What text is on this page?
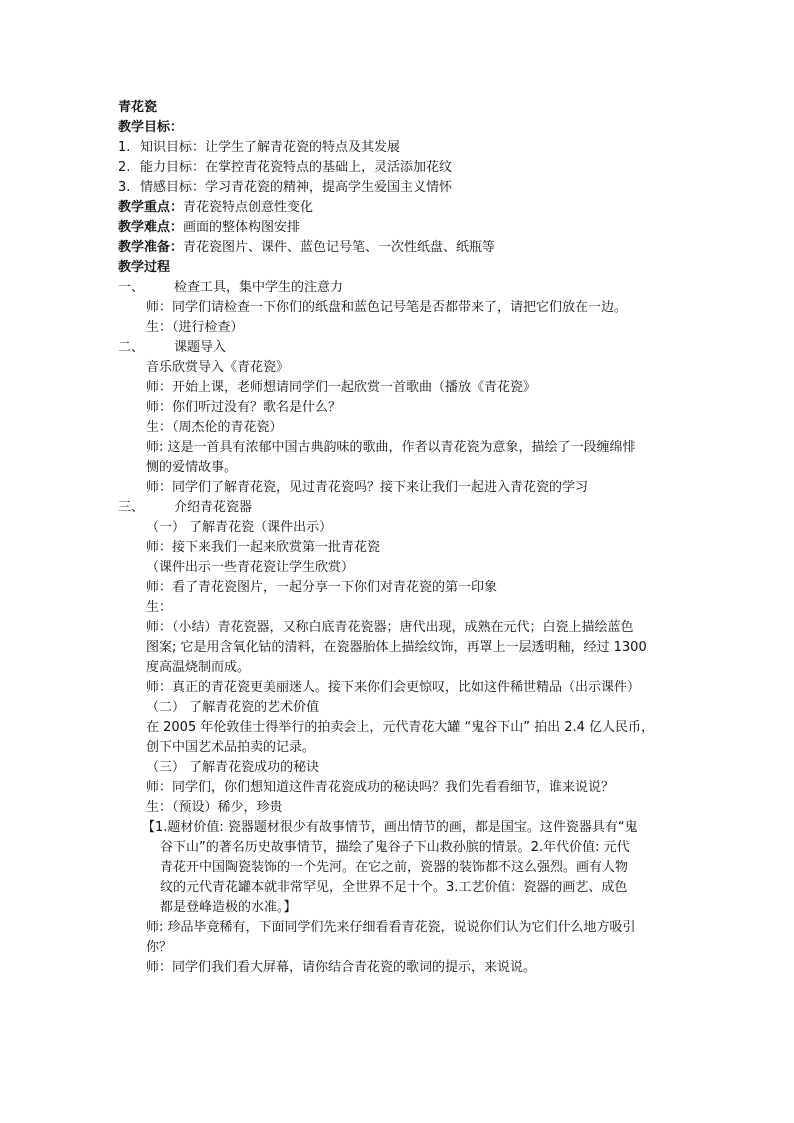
青花瓷
教学目标：
1. 知识目标：让学生了解青花瓷的特点及其发展
2. 能力目标：在掌控青花瓷特点的基础上，灵活添加花纹
3. 情感目标：学习青花瓷的精神，提高学生爱国主义情怀
教学重点：青花瓷特点创意性变化
教学难点：画面的整体构图安排
教学准备：青花瓷图片、课件、蓝色记号笔、一次性纸盘、纸瓶等
教学过程
一、	检查工具，集中学生的注意力
师：同学们请检查一下你们的纸盘和蓝色记号笔是否都带来了，请把它们放在一边。
生：（进行检查）
二、	课题导入
音乐欣赏导入《青花瓷》
师：开始上课，老师想请同学们一起欣赏一首歌曲（播放《青花瓷》
师：你们听过没有？歌名是什么？
生：（周杰伦的青花瓷）
师: 这是一首具有浓郁中国古典韵味的歌曲，作者以青花瓷为意象，描绘了一段缠绵悱
恻的爱情故事。
师：同学们了解青花瓷，见过青花瓷吗？接下来让我们一起进入青花瓷的学习
三、	介绍青花瓷器
（一） 了解青花瓷（课件出示）
师：接下来我们一起来欣赏第一批青花瓷
（课件出示一些青花瓷让学生欣赏）
师：看了青花瓷图片，一起分享一下你们对青花瓷的第一印象
生：
师：（小结）青花瓷器，又称白底青花瓷器；唐代出现，成熟在元代；白瓷上描绘蓝色
图案; 它是用含氧化钴的清料，在瓷器胎体上描绘纹饰，再罩上一层透明釉，经过 1300
度高温烧制而成。
师：真正的青花瓷更美丽迷人。接下来你们会更惊叹，比如这件稀世精品（出示课件）
（二） 了解青花瓷的艺术价值
在 2005 年伦敦佳士得举行的拍卖会上，元代青花大罐 “鬼谷下山” 拍出 2.4 亿人民币，
创下中国艺术品拍卖的记录。
（三） 了解青花瓷成功的秘诀
师：同学们，你们想知道这件青花瓷成功的秘诀吗？我们先看看细节，谁来说说？
生：（预设）稀少，珍贵
【1.题材价值: 瓷器题材很少有故事情节，画出情节的画，都是国宝。这件瓷器具有“鬼
谷下山”的著名历史故事情节，描绘了鬼谷子下山救孙膑的情景。2.年代价值: 元代
青花开中国陶瓷装饰的一个先河。在它之前，瓷器的装饰都不这么强烈。画有人物
纹的元代青花罐本就非常罕见，全世界不足十个。3.工艺价值：瓷器的画艺、成色
都是登峰造极的水准。】
师: 珍品毕竟稀有，下面同学们先来仔细看看青花瓷，说说你们认为它们什么地方吸引
你？
师：同学们我们看大屏幕，请你结合青花瓷的歌词的提示，来说说。
